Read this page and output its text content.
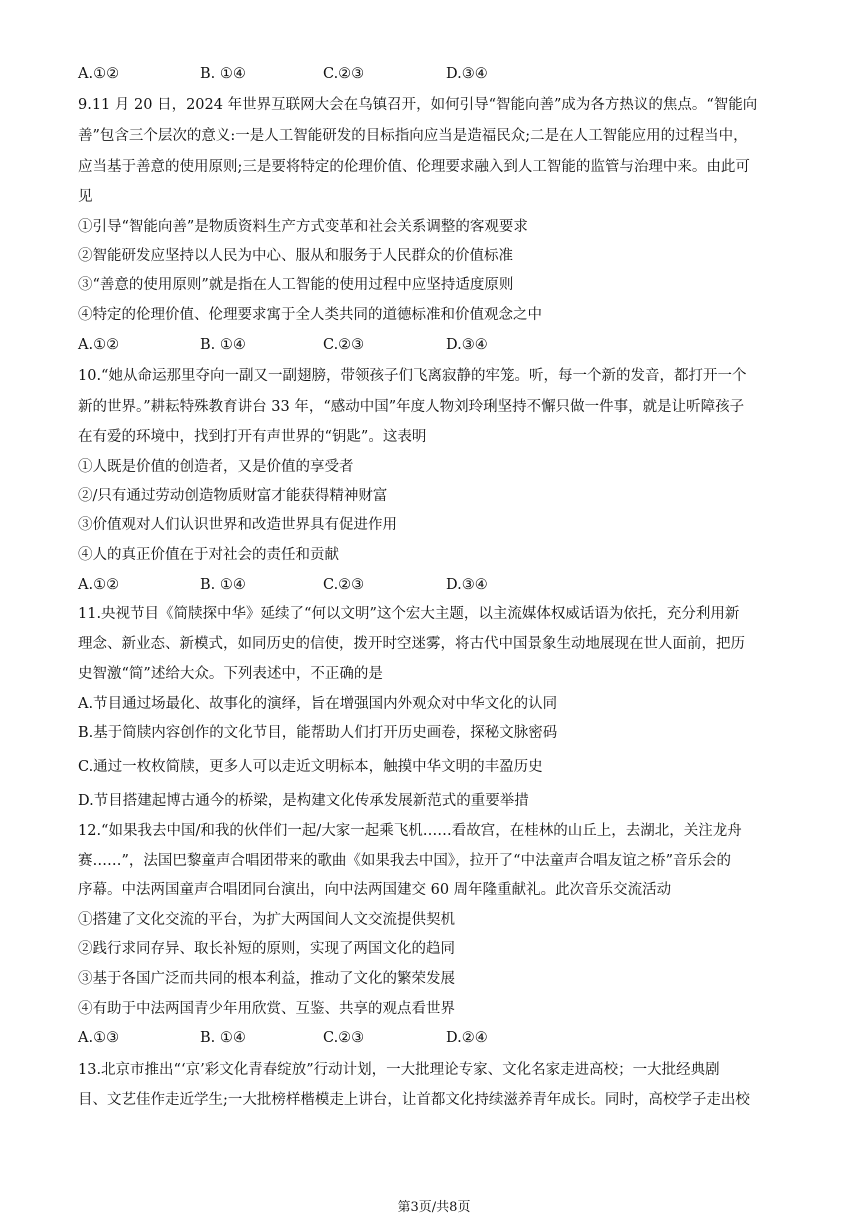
A.①②	B. ①④	C.②③	D.③④
9.11 月 20 日，2024 年世界互联网大会在乌镇召开，如何引导“智能向善”成为各方热议的焦点。“智能向
善”包含三个层次的意义:一是人工智能研发的目标指向应当是造福民众;二是在人工智能应用的过程当中，
应当基于善意的使用原则;三是要将特定的伦理价值、伦理要求融入到人工智能的监管与治理中来。由此可
见
①引导“智能向善”是物质资料生产方式变革和社会关系调整的客观要求
②智能研发应坚持以人民为中心、服从和服务于人民群众的价值标准
③“善意的使用原则”就是指在人工智能的使用过程中应坚持适度原则
④特定的伦理价值、伦理要求寓于全人类共同的道德标准和价值观念之中
A.①②	B. ①④	C.②③	D.③④
10.“她从命运那里夺向一副又一副翅膀，带领孩子们飞离寂静的牢笼。听，每一个新的发音，都打开一个
新的世界。”耕耘特殊教育讲台 33 年，“感动中国”年度人物刘玲琍坚持不懈只做一件事，就是让听障孩子
在有爱的环境中，找到打开有声世界的“钥匙”。这表明
①人既是价值的创造者，又是价值的享受者
②/只有通过劳动创造物质财富才能获得精神财富
③价值观对人们认识世界和改造世界具有促进作用
④人的真正价值在于对社会的责任和贡献
A.①②	B. ①④	C.②③	D.③④
11.央视节目《简牍探中华》延续了“何以文明”这个宏大主题，以主流媒体权威话语为依托，充分利用新
理念、新业态、新模式，如同历史的信使，拨开时空迷雾，将古代中国景象生动地展现在世人面前，把历
史智激“简”述给大众。下列表述中，不正确的是
A.节目通过场最化、故事化的演绎，旨在增强国内外观众对中华文化的认同
B.基于简牍内容创作的文化节目，能帮助人们打开历史画卷，探秘文脉密码
C.通过一枚枚简牍，更多人可以走近文明标本，触摸中华文明的丰盈历史
D.节目搭建起博古通今的桥梁，是构建文化传承发展新范式的重要举措
12.“如果我去中国/和我的伙伴们一起/大家一起乘飞机……看故宫，在桂林的山丘上，去湖北，关注龙舟
赛……”，法国巴黎童声合唱团带来的歌曲《如果我去中国》，拉开了“中法童声合唱友谊之桥”音乐会的
序幕。中法两国童声合唱团同台演出，向中法两国建交 60 周年隆重献礼。此次音乐交流活动
①搭建了文化交流的平台，为扩大两国间人文交流提供契机
②践行求同存异、取长补短的原则，实现了两国文化的趋同
③基于各国广泛而共同的根本利益，推动了文化的繁荣发展
④有助于中法两国青少年用欣赏、互鉴、共享的观点看世界
A.①③	B. ①④	C.②③	D.②④
13.北京市推出“‘京’彩文化青春绽放”行动计划，一大批理论专家、文化名家走进高校；一大批经典剧
目、文艺佳作走近学生;一大批榜样楷模走上讲台，让首都文化持续滋养青年成长。同时，高校学子走出校
第3页/共8页
